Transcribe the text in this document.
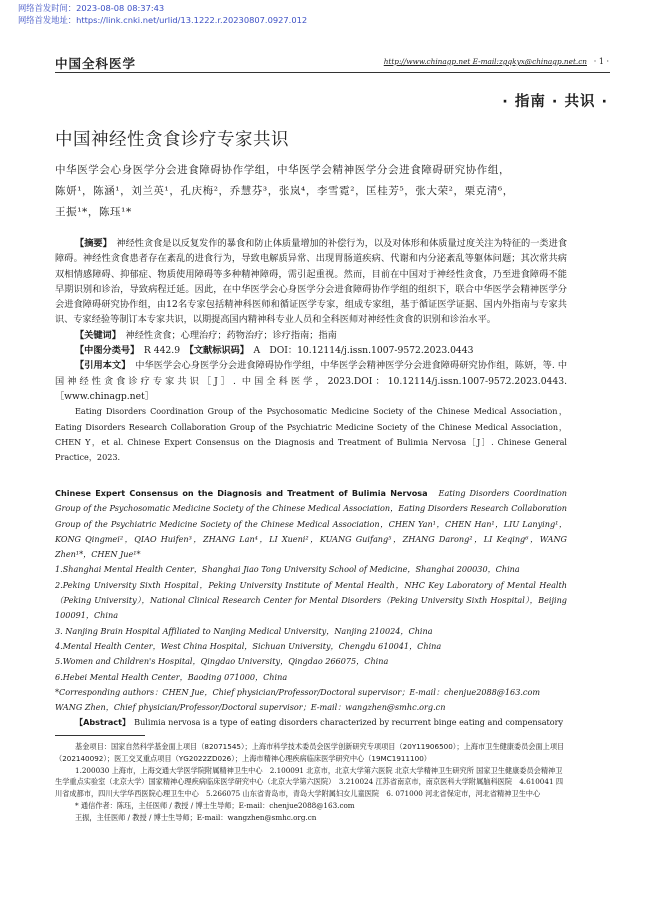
网络首发时间：2023-08-08 08:37:43
网络首发地址：https://link.cnki.net/urlid/13.1222.r.20230807.0927.012
中国全科医学	http://www.chinagp.net E-mail:zgqkyx@chinagp.net.cn · 1 ·
· 指南 · 共识 ·
中国神经性贪食诊疗专家共识
中华医学会心身医学分会进食障碍协作学组，中华医学会精神医学分会进食障碍研究协作组，
陈妍¹，陈涵¹，刘兰英¹，孔庆梅²，乔慧芬³，张岚⁴，李雪霓²，匡桂芳⁵，张大荣²，栗克清⁶，
王振¹*，陈珏¹*

【摘要】　 神经性贪食是以反复发作的暴食和防止体质量增加的补偿行为，以及对体形和体质量过度关注为特征的一类进食障碍。神经性贪食患者存在紊乱的进食行为，导致电解质异常、出现胃肠道疾病、代谢和内分泌紊乱等躯体问题；其次常共病双相情感障碍、抑郁症、物质使用障碍等多种精神障碍，需引起重视。然而，目前在中国对于神经性贪食，乃至进食障碍不能早期识别和诊治，导致病程迁延。因此，在中华医学会心身医学分会进食障碍协作学组的组织下，联合中华医学会精神医学分会进食障碍研究协作组，由12名专家包括精神科医师和循证医学专家，组成专家组，基于循证医学证据、国内外指南与专家共识、专家经验等制订本专家共识，以期提高国内精神科专业人员和全科医师对神经性贪食的识别和诊治水平。

【关键词】　 神经性贪食；心理治疗；药物治疗；诊疗指南；指南

【中图分类号】　 R 442.9　 【文献标识码】　 A　 DOI：10.12114/j.issn.1007-9572.2023.0443

【引用本文】　 中华医学会心身医学分会进食障碍协作学组，中华医学会精神医学分会进食障碍研究协作组，陈妍，等. 中国神经性贪食诊疗专家共识［J］. 中国全科医学，2023.DOI：10.12114/j.issn.1007-9572.2023.0443.［www.chinagp.net］

Eating Disorders Coordination Group of the Psychosomatic Medicine Society of the Chinese Medical Association，Eating Disorders Research Collaboration Group of the Psychiatric Medicine Society of the Chinese Medical Association，CHEN Y，et al. Chinese Expert Consensus on the Diagnosis and Treatment of Bulimia Nervosa［J］. Chinese General Practice，2023.

Chinese Expert Consensus on the Diagnosis and Treatment of Bulimia Nervosa　 Eating Disorders Coordination Group of the Psychosomatic Medicine Society of the Chinese Medical Association，Eating Disorders Research Collaboration Group of the Psychiatric Medicine Society of the Chinese Medical Association，CHEN Yan¹，CHEN Han¹，LIU Lanying¹，KONG Qingmei²，QIAO Huifen³，ZHANG Lan⁴，LI Xueni²，KUANG Guifang⁵，ZHANG Darong²，LI Keqing⁶，WANG Zhen¹*，CHEN Jue¹*

1.Shanghai Mental Health Center，Shanghai Jiao Tong University School of Medicine，Shanghai 200030，China

2.Peking University Sixth Hospital，Peking University Institute of Mental Health，NHC Key Laboratory of Mental Health（Peking University），National Clinical Research Center for Mental Disorders（Peking University Sixth Hospital），Beijing 100091，China

3. Nanjing Brain Hospital Affiliated to Nanjing Medical University，Nanjing 210024，China

4.Mental Health Center，West China Hospital，Sichuan University，Chengdu 610041，China

5.Women and Children's Hospital，Qingdao University，Qingdao 266075，China

6.Hebei Mental Health Center，Baoding 071000，China

*Corresponding authors：CHEN Jue，Chief physician/Professor/Doctoral supervisor；E-mail：chenjue2088@163.com

WANG Zhen，Chief physician/Professor/Doctoral supervisor；E-mail：wangzhen@smhc.org.cn

【Abstract】　 Bulimia nervosa is a type of eating disorders characterized by recurrent binge eating and compensatory

基金项目：国家自然科学基金面上项目（82071545）；上海市科学技术委员会医学创新研究专项项目（20Y11906500）；上海市卫生健康委员会面上项目（202140092）；医工交叉重点项目（YG2022ZD026）；上海市精神心理疾病临床医学研究中心（19MC1911100）

1.200030 上海市，上海交通大学医学院附属精神卫生中心　2.100091 北京市，北京大学第六医院 北京大学精神卫生研究所 国家卫生健康委员会精神卫生学重点实验室（北京大学）国家精神心理疾病临床医学研究中心（北京大学第六医院）　3.210024 江苏省南京市，南京医科大学附属脑科医院　4.610041 四川省成都市，四川大学华西医院心理卫生中心　5.266075 山东省青岛市，青岛大学附属妇女儿童医院　6. 071000 河北省保定市，河北省精神卫生中心

* 通信作者：陈珏，主任医师 / 教授 / 博士生导师；E-mail：chenjue2088@163.com

王振，主任医师 / 教授 / 博士生导师；E-mail：wangzhen@smhc.org.cn
